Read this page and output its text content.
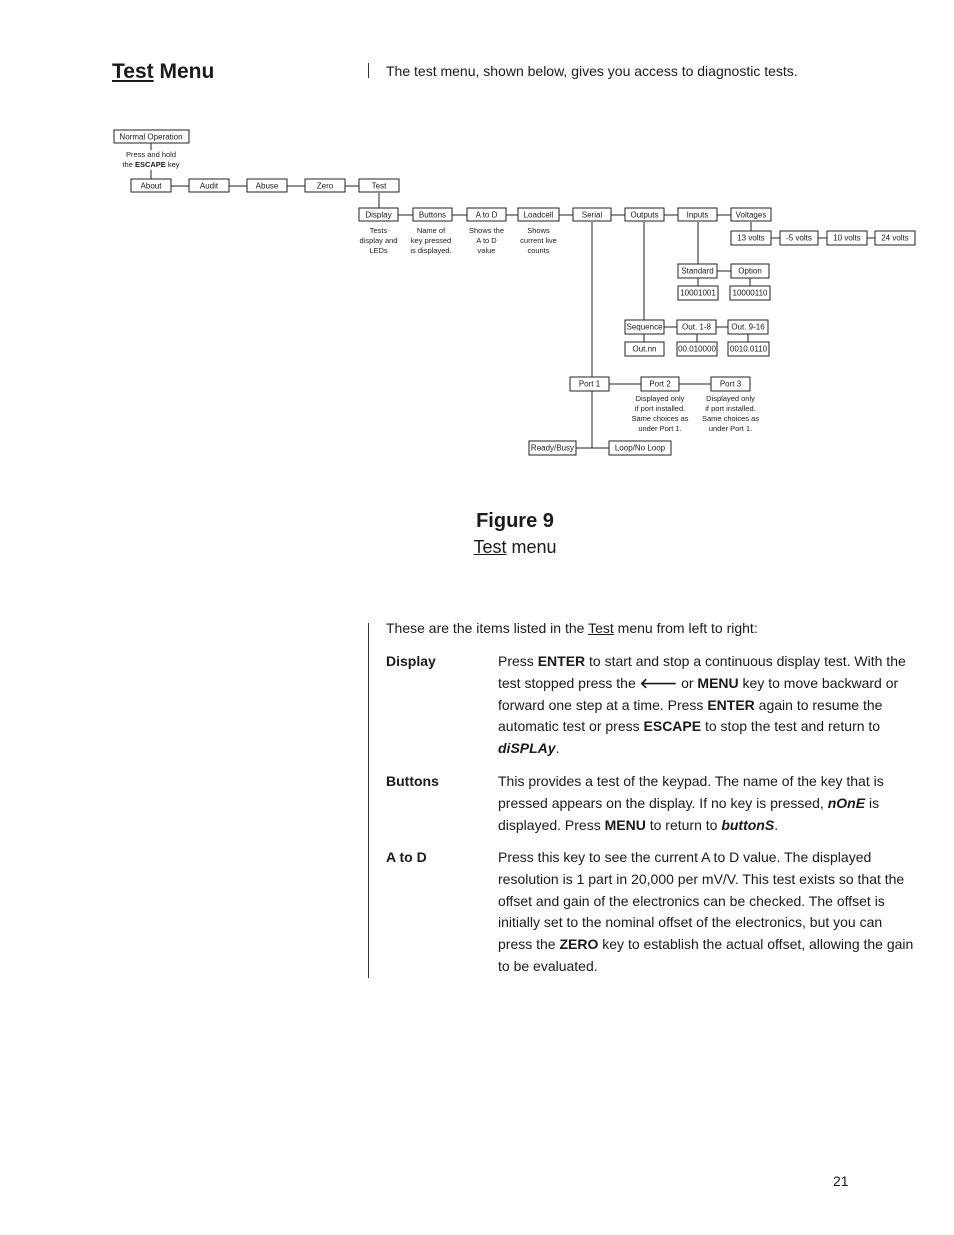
Test Menu	The test menu, shown below, gives you access to diagnostic tests.
Normal Operation
Press and hold
the ESCAPE key
About	Audit	Abuse	Zero	Test
Display	Buttons	A to D	Loadcell	Serial	Outputs	Inputs	Voltages
Tests
display and
LEDs
Name of
key pressed
is displayed.
Shows the
A to D
value
Shows
current live
counts
13 volts	-5 volts	10 volts	24 volts
Standard	Option
10001001 10000110
Sequence Out. 1-8	Out. 9-16
Out.nn	00.010000 0010.0110
Port 1	Port 2	Port 3
Displayed only
if port installed.
Same choices as
under Port 1.
Displayed only
if port installed.
Same choices as
under Port 1.
Ready/Busy	Loop/No Loop
Figure 9
Test menu
These are the items listed in the Test menu from left to right:
Display	Press ENTER to start and stop a continuous display test. With the test stopped press the 🡐 or MENU key to move backward or forward one step at a time. Press ENTER again to resume the automatic test or press ESCAPE to stop the test and return to diSPLAy.
Buttons	This provides a test of the keypad. The name of the key that is pressed appears on the display. If no key is pressed, nOnE is displayed. Press MENU to return to buttonS.
A to D	Press this key to see the current A to D value. The displayed resolution is 1 part in 20,000 per mV/V. This test exists so that the offset and gain of the electronics can be checked. The offset is initially set to the nominal offset of the electronics, but you can press the ZERO key to establish the actual offset, allowing the gain to be evaluated.
21
